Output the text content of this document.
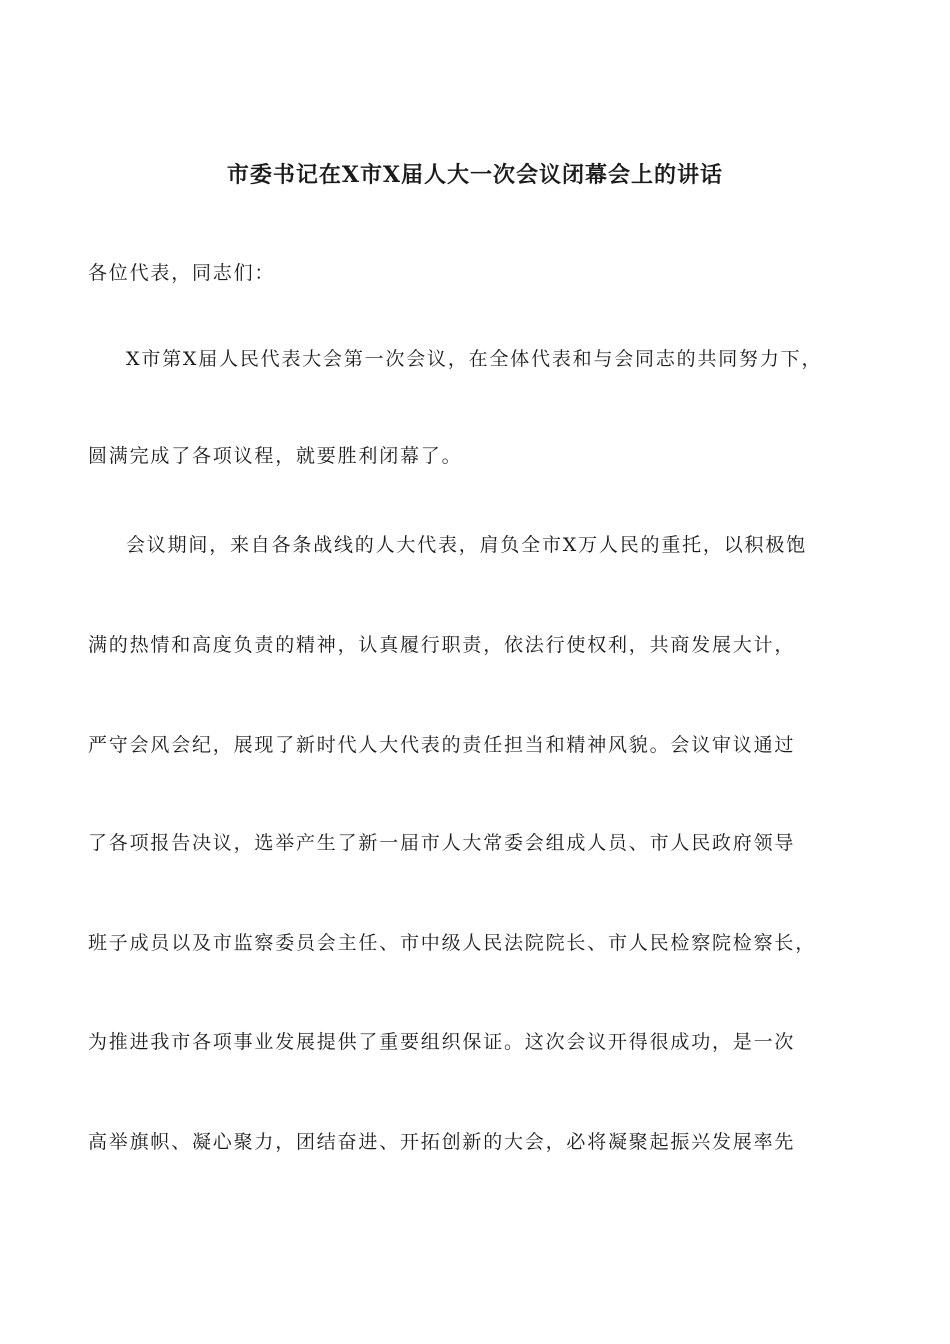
市委书记在X市X届人大一次会议闭幕会上的讲话
各位代表，同志们：
X市第X届人民代表大会第一次会议，在全体代表和与会同志的共同努力下，
圆满完成了各项议程，就要胜利闭幕了。
会议期间，来自各条战线的人大代表，肩负全市X万人民的重托，以积极饱
满的热情和高度负责的精神，认真履行职责，依法行使权利，共商发展大计，
严守会风会纪，展现了新时代人大代表的责任担当和精神风貌。会议审议通过
了各项报告决议，选举产生了新一届市人大常委会组成人员、市人民政府领导
班子成员以及市监察委员会主任、市中级人民法院院长、市人民检察院检察长，
为推进我市各项事业发展提供了重要组织保证。这次会议开得很成功，是一次
高举旗帜、凝心聚力，团结奋进、开拓创新的大会，必将凝聚起振兴发展率先
